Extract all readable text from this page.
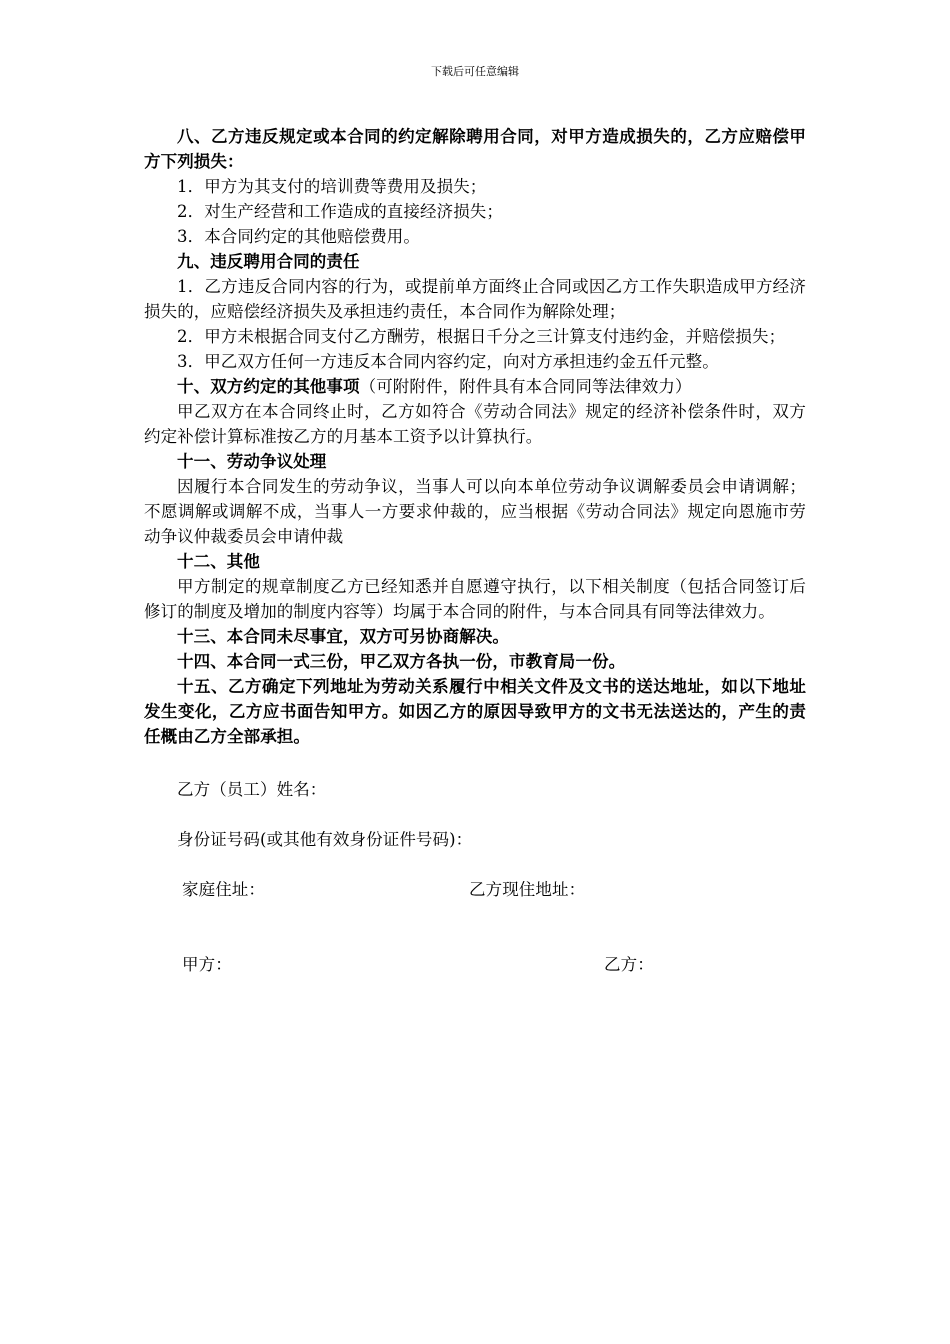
下载后可任意编辑

八、乙方违反规定或本合同的约定解除聘用合同，对甲方造成损失的，乙方应赔偿甲方下列损失：

1．甲方为其支付的培训费等费用及损失；

2．对生产经营和工作造成的直接经济损失；

3．本合同约定的其他赔偿费用。

九、违反聘用合同的责任

1．乙方违反合同内容的行为，或提前单方面终止合同或因乙方工作失职造成甲方经济损失的，应赔偿经济损失及承担违约责任，本合同作为解除处理；

2．甲方未根据合同支付乙方酬劳，根据日千分之三计算支付违约金，并赔偿损失；

3．甲乙双方任何一方违反本合同内容约定，向对方承担违约金五仟元整。

十、双方约定的其他事项（可附附件，附件具有本合同同等法律效力）

甲乙双方在本合同终止时，乙方如符合《劳动合同法》规定的经济补偿条件时，双方约定补偿计算标准按乙方的月基本工资予以计算执行。

十一、劳动争议处理

因履行本合同发生的劳动争议，当事人可以向本单位劳动争议调解委员会申请调解；不愿调解或调解不成，当事人一方要求仲裁的，应当根据《劳动合同法》规定向恩施市劳动争议仲裁委员会申请仲裁

十二、其他

甲方制定的规章制度乙方已经知悉并自愿遵守执行，以下相关制度（包括合同签订后修订的制度及增加的制度内容等）均属于本合同的附件，与本合同具有同等法律效力。

十三、本合同未尽事宜，双方可另协商解决。

十四、本合同一式三份，甲乙双方各执一份，市教育局一份。

十五、乙方确定下列地址为劳动关系履行中相关文件及文书的送达地址，如以下地址发生变化，乙方应书面告知甲方。如因乙方的原因导致甲方的文书无法送达的，产生的责任概由乙方全部承担。

乙方（员工）姓名：

身份证号码(或其他有效身份证件号码)：

家庭住址：	乙方现住地址：
甲方：	乙方：
